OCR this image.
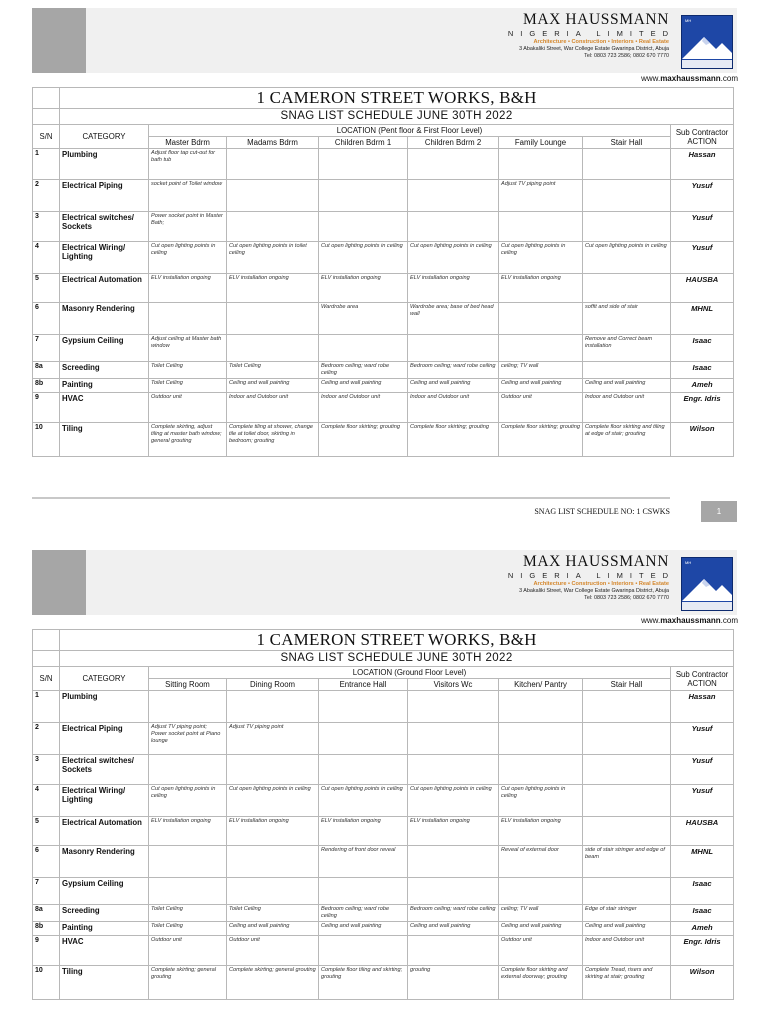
MAX HAUSSMANN
NIGERIA LIMITED
Architecture • Construction • Interiors • Real Estate
3 Abakaliki Street, War College Estate Gwarinpa District, Abuja
Tel: 0803 723 2586; 0802 670 7770
MH
www.maxhaussmann.com
	1 CAMERON STREET WORKS, B&H							
	SNAG LIST SCHEDULE JUNE 30TH 2022							
S/N	CATEGORY	LOCATION (Pent floor & First Floor Level)						Sub Contractor ACTION
		Master Bdrm	Madams Bdrm	Children Bdrm 1	Children Bdrm 2	Family Lounge	Stair Hall	
1	Plumbing	Adjust floor tap cut-out for bath tub						Hassan
2	Electrical Piping	socket point of Toilet window				Adjust TV piping point		Yusuf
3	Electrical switches/ Sockets	Power socket point in Master Bath;						Yusuf
4	Electrical Wiring/ Lighting	Cut open lighting points in ceiling	Cut open lighting points in toilet ceiling	Cut open lighting points in ceiling	Cut open lighting points in ceiling	Cut open lighting points in ceiling	Cut open lighting points in ceiling	Yusuf
5	Electrical Automation	ELV installation ongoing	ELV installation ongoing	ELV installation ongoing	ELV installation ongoing	ELV installation ongoing		HAUSBA
6	Masonry Rendering			Wardrobe area	Wardrobe area; base of bed head wall		soffit and side of stair	MHNL
7	Gypsium Ceiling	Adjust ceiling at Master bath window					Remove and Correct beam installation	Isaac
8a	Screeding	Toilet Ceiling	Toilet Ceiling	Bedroom ceiling; ward robe ceiling	Bedroom ceiling; ward robe ceiling	ceiling; TV wall		Isaac
8b	Painting	Toilet Ceiling	Ceiling and wall painting	Ceiling and wall painting	Ceiling and wall painting	Ceiling and wall painting	Ceiling and wall painting	Ameh
9	HVAC	Outdoor unit	Indoor and Outdoor unit	Indoor and Outdoor unit	Indoor and Outdoor unit	Outdoor unit	Indoor and Outdoor unit	Engr. Idris
10	Tiling	Complete skirting, adjust tiling at master bath window; general grouting	Complete tiling at shower, change tile at toilet door, skirting in bedroom; grouting	Complete floor skirting; grouting	Complete floor skirting; grouting	Complete floor skirting; grouting	Complete floor skirting and tiling at edge of stair; grouting	Wilson
SNAG LIST SCHEDULE NO: 1 CSWKS	1
MAX HAUSSMANN
NIGERIA LIMITED
Architecture • Construction • Interiors • Real Estate
3 Abakaliki Street, War College Estate Gwarinpa District, Abuja
Tel: 0803 723 2586; 0802 670 7770
MH
www.maxhaussmann.com
	1 CAMERON STREET WORKS, B&H							
	SNAG LIST SCHEDULE JUNE 30TH 2022							
S/N	CATEGORY	LOCATION (Ground Floor Level)						Sub Contractor ACTION
		Sitting Room	Dining Room	Entrance Hall	Visitors Wc	Kitchen/ Pantry	Stair Hall	
1	Plumbing							Hassan
2	Electrical Piping	Adjust TV piping point; Power socket point at Piano lounge	Adjust TV piping point					Yusuf
3	Electrical switches/ Sockets							Yusuf
4	Electrical Wiring/ Lighting	Cut open lighting points in ceiling	Cut open lighting points in ceiling	Cut open lighting points in ceiling	Cut open lighting points in ceiling	Cut open lighting points in ceiling		Yusuf
5	Electrical Automation	ELV installation ongoing	ELV installation ongoing	ELV installation ongoing	ELV installation ongoing	ELV installation ongoing		HAUSBA
6	Masonry Rendering			Rendering of front door reveal		Reveal of external door	side of stair stringer and edge of beam	MHNL
7	Gypsium Ceiling							Isaac
8a	Screeding	Toilet Ceiling	Toilet Ceiling	Bedroom ceiling; ward robe ceiling	Bedroom ceiling; ward robe ceiling	ceiling; TV wall	Edge of stair stringer	Isaac
8b	Painting	Toilet Ceiling	Ceiling and wall painting	Ceiling and wall painting	Ceiling and wall painting	Ceiling and wall painting	Ceiling and wall painting	Ameh
9	HVAC	Outdoor unit	Outdoor unit			Outdoor unit	Indoor and Outdoor unit	Engr. Idris
10	Tiling	Complete skirting; general grouting	Complete skirting; general grouting	Complete floor tiling and skirting; grouting	grouting	Complete floor skirting and external doorway; grouting	Complete Tread, risers and skirting at stair; grouting	Wilson
